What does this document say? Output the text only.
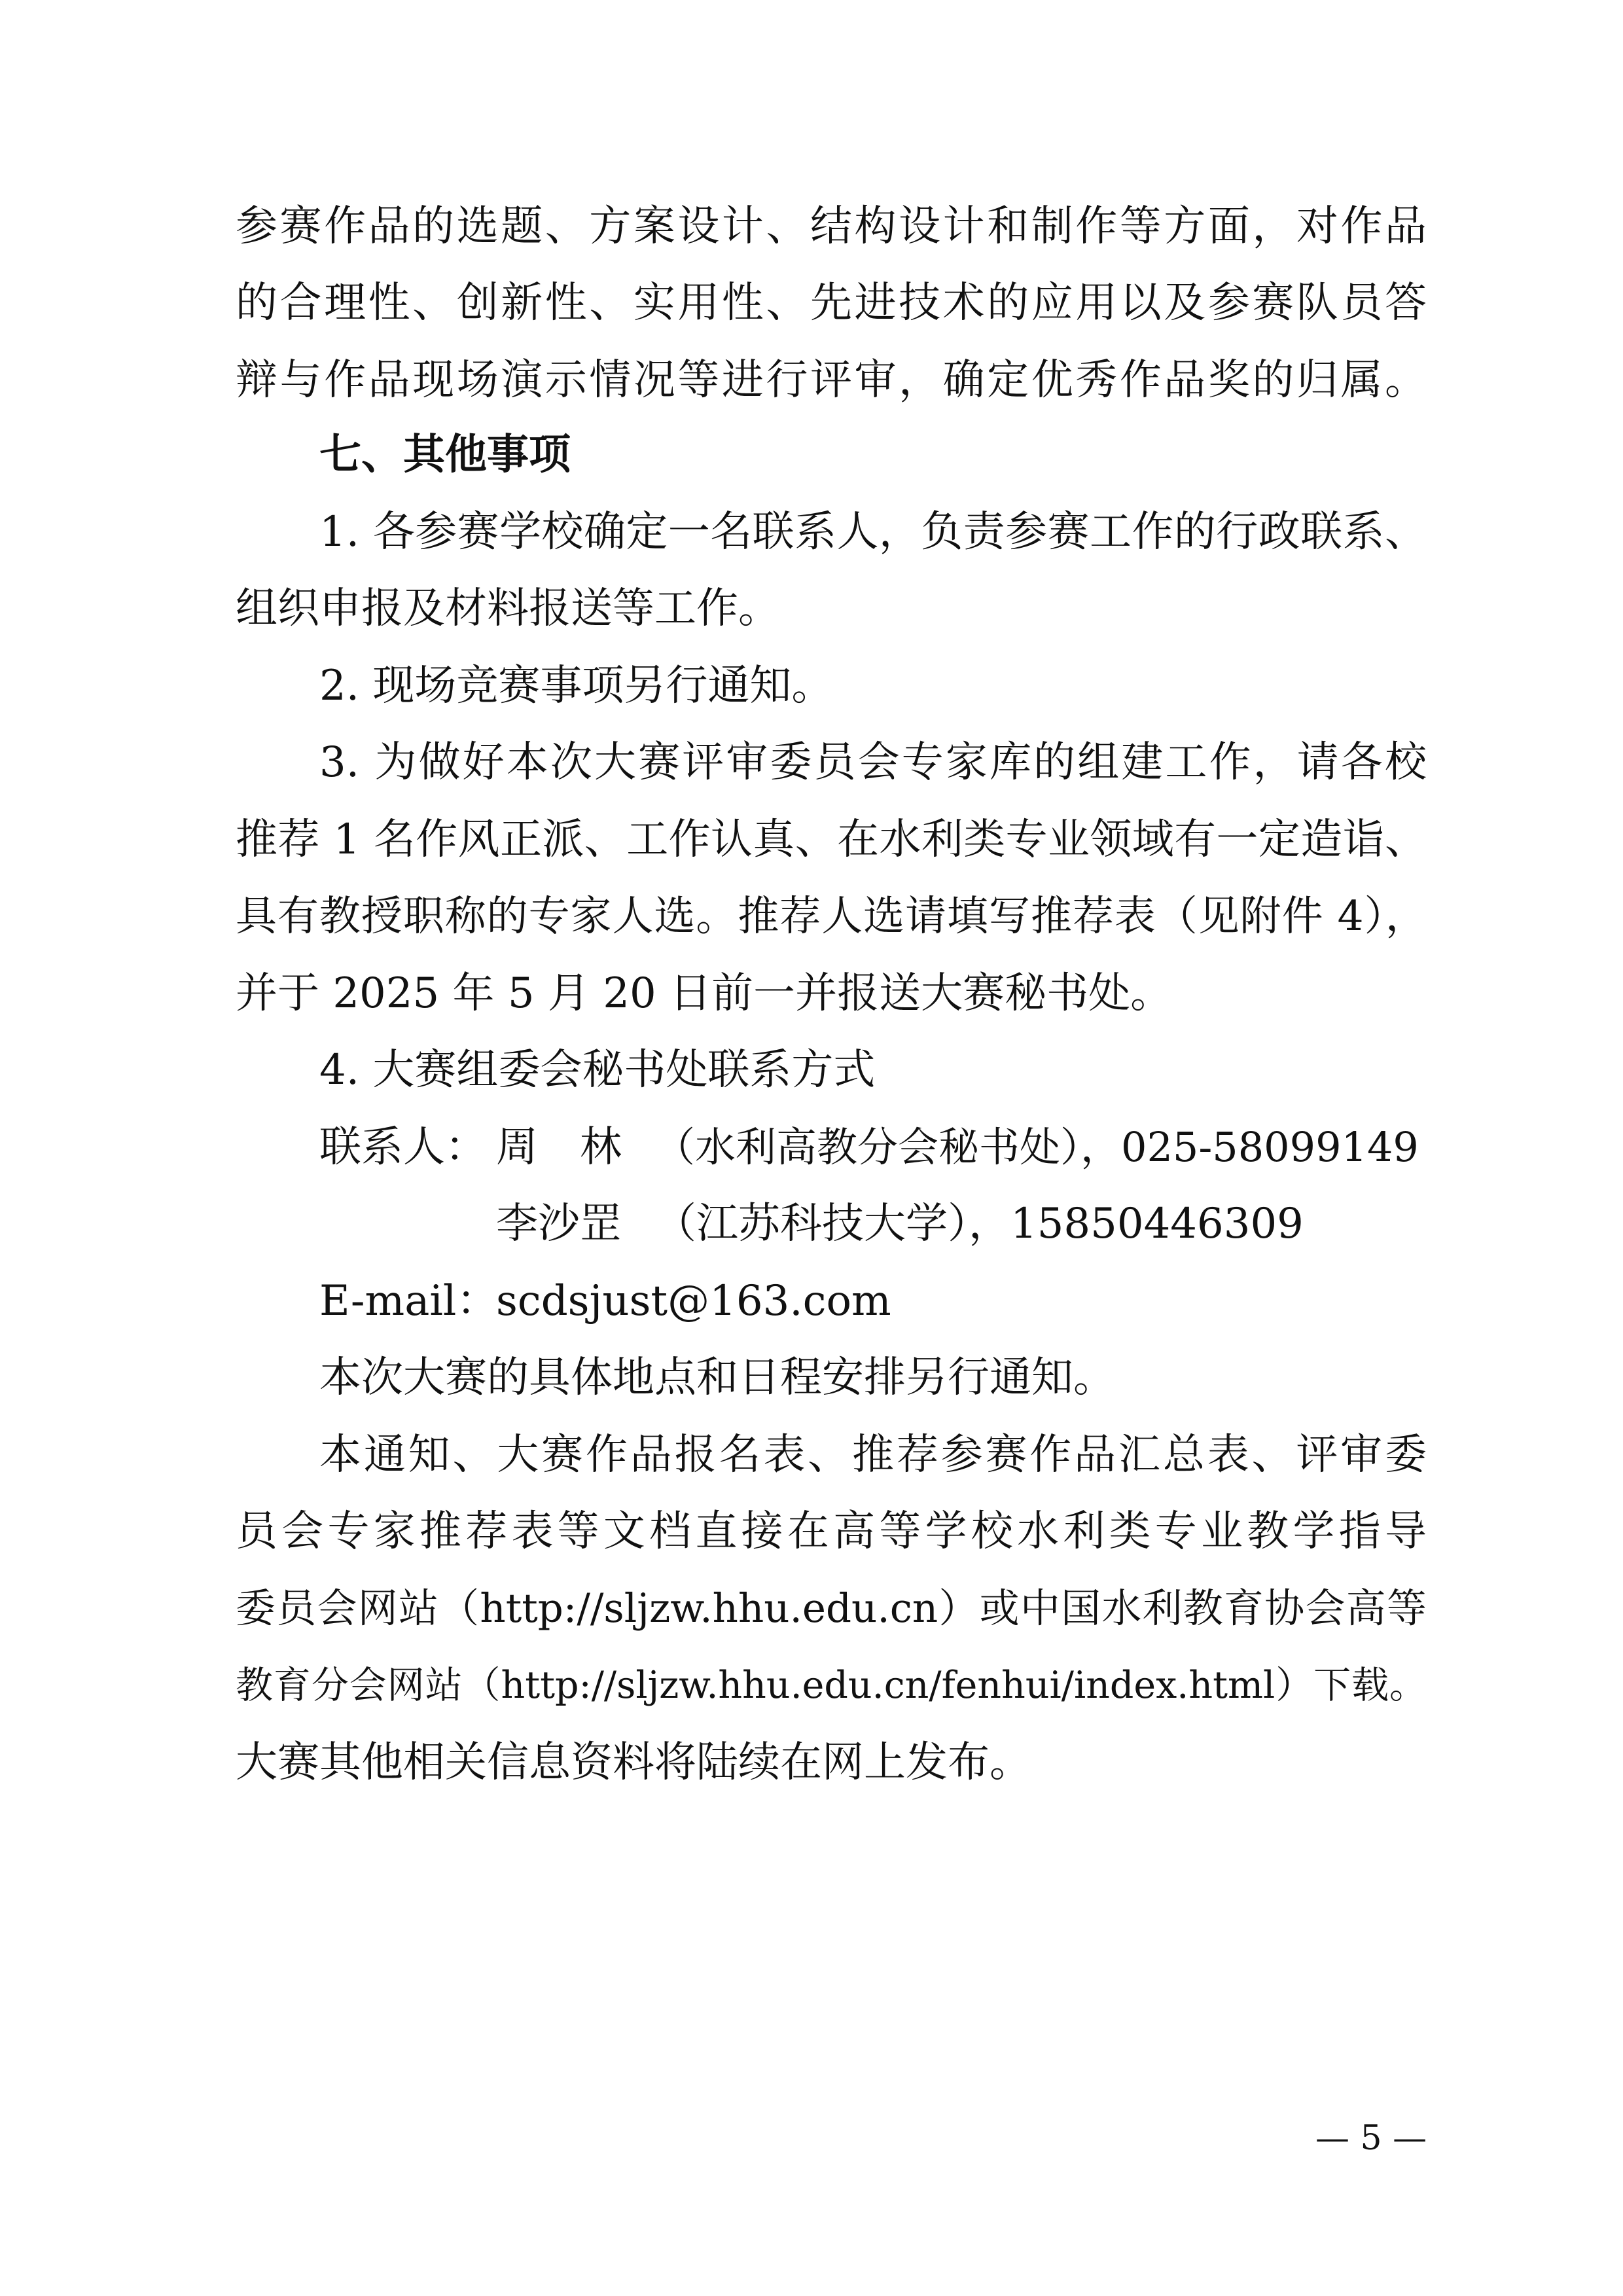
参赛作品的选题、方案设计、结构设计和制作等方面，对作品
的合理性、创新性、实用性、先进技术的应用以及参赛队员答
辩与作品现场演示情况等进行评审，确定优秀作品奖的归属。
七、其他事项
1. 各参赛学校确定一名联系人，负责参赛工作的行政联系、
组织申报及材料报送等工作。
2. 现场竞赛事项另行通知。
3. 为做好本次大赛评审委员会专家库的组建工作，请各校
推荐 1 名作风正派、工作认真、在水利类专业领域有一定造诣、
具有教授职称的专家人选。推荐人选请填写推荐表（见附件 4），
并于 2025 年 5 月 20 日前一并报送大赛秘书处。
4. 大赛组委会秘书处联系方式
联系人： 周　林 （水利高教分会秘书处），025-58099149
李沙罡 （江苏科技大学），15850446309
E-mail：
scdsjust@163.com
本次大赛的具体地点和日程安排另行通知。
本通知、大赛作品报名表、推荐参赛作品汇总表、评审委
员会专家推荐表等文档直接在高等学校水利类专业教学指导
委员会网站（http://sljzw.hhu.edu.cn）或中国水利教育协会高等
教育分会网站（http://sljzw.hhu.edu.cn/fenhui/index.html）下载。
大赛其他相关信息资料将陆续在网上发布。
— 5 —
